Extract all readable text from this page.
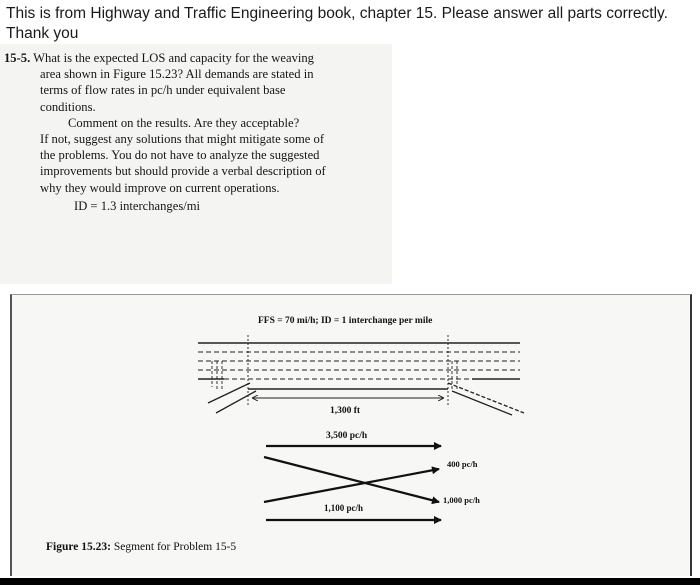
This is from Highway and Traffic Engineering book, chapter 15. Please answer all parts correctly.

Thank you

15-5. What is the expected LOS and capacity for the weaving
area shown in Figure 15.23? All demands are stated in
terms of flow rates in pc/h under equivalent base
conditions.
Comment on the results. Are they acceptable?
If not, suggest any solutions that might mitigate some of
the problems. You do not have to analyze the suggested
improvements but should provide a verbal description of
why they would improve on current operations.
ID = 1.3 interchanges/mi
FFS = 70 mi/h; ID = 1 interchange per mile
1,300 ft
3,500 pc/h
400 pc/h
1,100 pc/h
1,000 pc/h
Figure 15.23: Segment for Problem 15-5
